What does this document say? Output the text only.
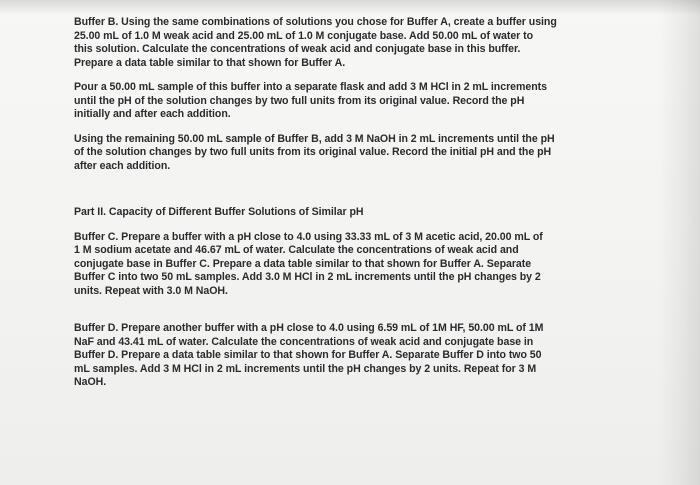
Buffer B. Using the same combinations of solutions you chose for Buffer A, create a buffer using
25.00 mL of 1.0 M weak acid and 25.00 mL of 1.0 M conjugate base. Add 50.00 mL of water to
this solution. Calculate the concentrations of weak acid and conjugate base in this buffer.
Prepare a data table similar to that shown for Buffer A.
Pour a 50.00 mL sample of this buffer into a separate flask and add 3 M HCl in 2 mL increments
until the pH of the solution changes by two full units from its original value. Record the pH
initially and after each addition.
Using the remaining 50.00 mL sample of Buffer B, add 3 M NaOH in 2 mL increments until the pH
of the solution changes by two full units from its original value. Record the initial pH and the pH
after each addition.
Part II. Capacity of Different Buffer Solutions of Similar pH
Buffer C. Prepare a buffer with a pH close to 4.0 using 33.33 mL of 3 M acetic acid, 20.00 mL of
1 M sodium acetate and 46.67 mL of water. Calculate the concentrations of weak acid and
conjugate base in Buffer C. Prepare a data table similar to that shown for Buffer A. Separate
Buffer C into two 50 mL samples. Add 3.0 M HCl in 2 mL increments until the pH changes by 2
units. Repeat with 3.0 M NaOH.
Buffer D. Prepare another buffer with a pH close to 4.0 using 6.59 mL of 1M HF, 50.00 mL of 1M
NaF and 43.41 mL of water. Calculate the concentrations of weak acid and conjugate base in
Buffer D. Prepare a data table similar to that shown for Buffer A. Separate Buffer D into two 50
mL samples. Add 3 M HCl in 2 mL increments until the pH changes by 2 units. Repeat for 3 M
NaOH.
